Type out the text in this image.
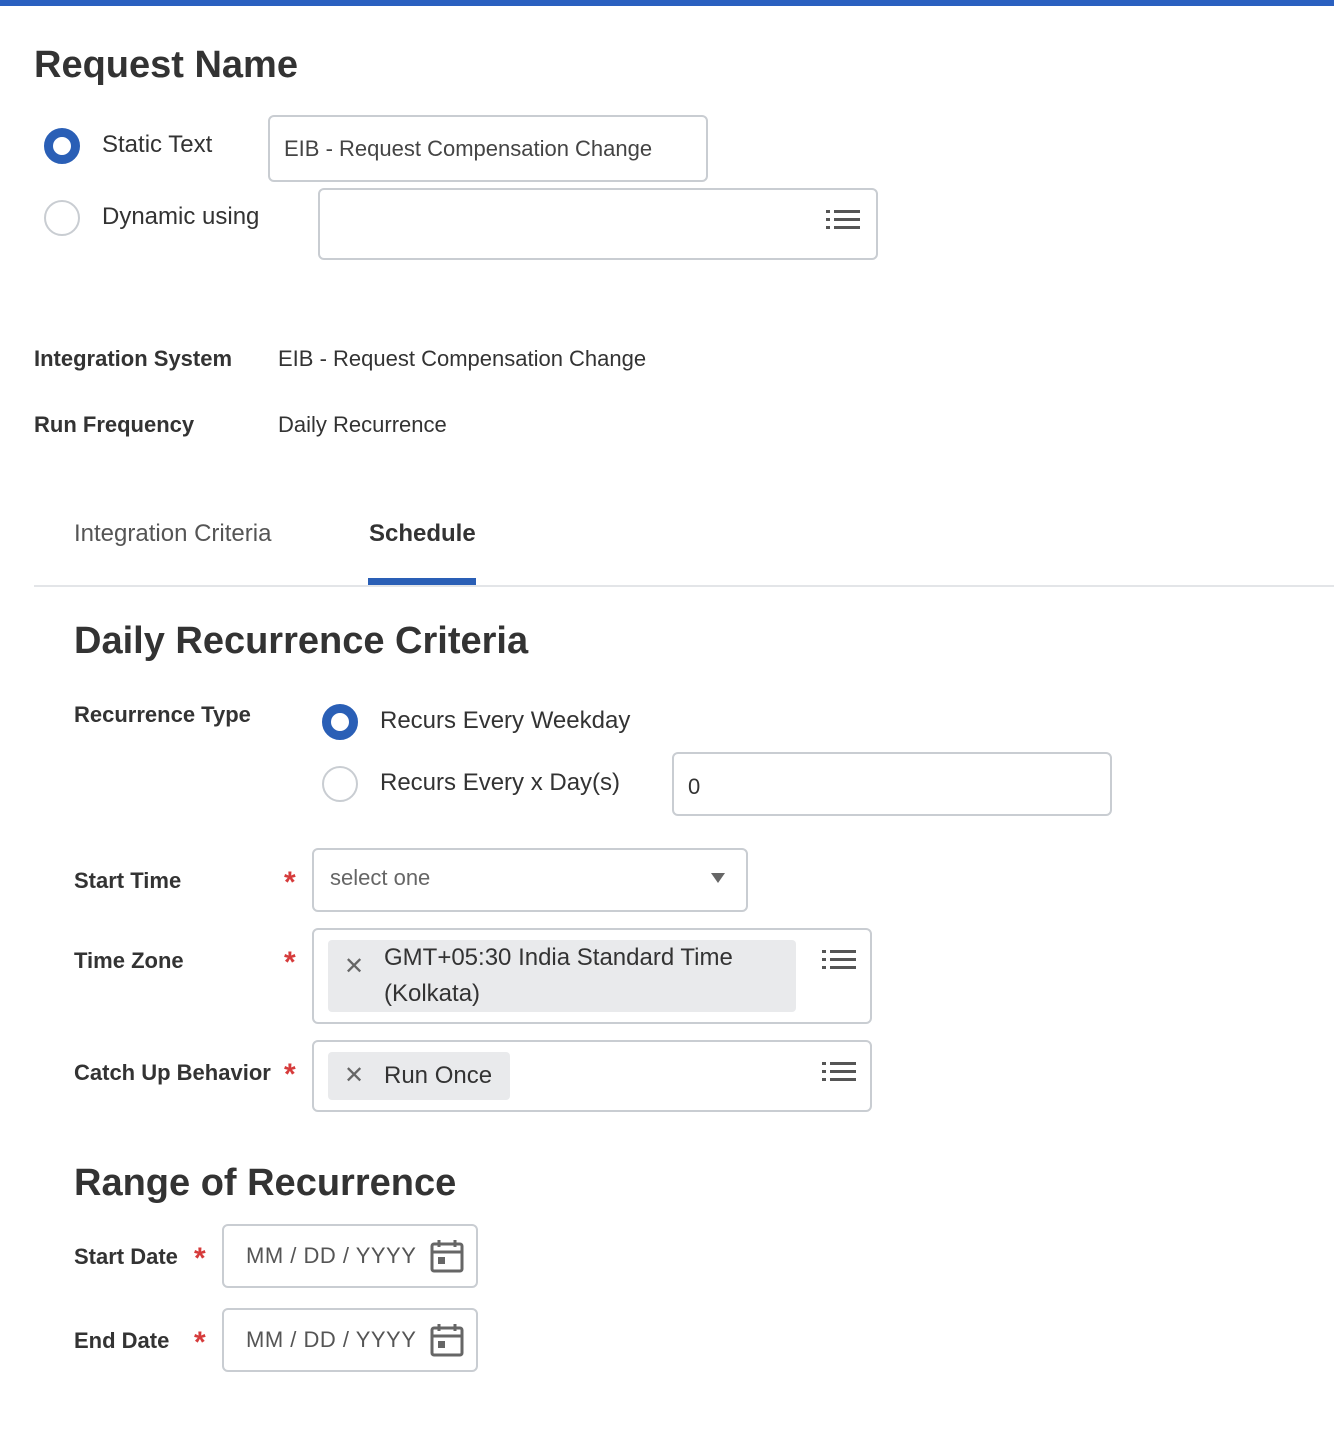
Request Name
Static Text	EIB - Request Compensation Change
Dynamic using
Integration System EIB - Request Compensation Change
Run Frequency	Daily Recurrence
Integration Criteria	Schedule
Daily Recurrence Criteria
Recurrence Type	Recurs Every Weekday
Recurs Every x Day(s)	0
Start Time	* select one
Time Zone	* ✕ GMT+05:30 India Standard Time
(Kolkata)
Catch Up Behavior * ✕ Run Once
Range of Recurrence
Start Date * MM / DD / YYYY
End Date * MM / DD / YYYY
